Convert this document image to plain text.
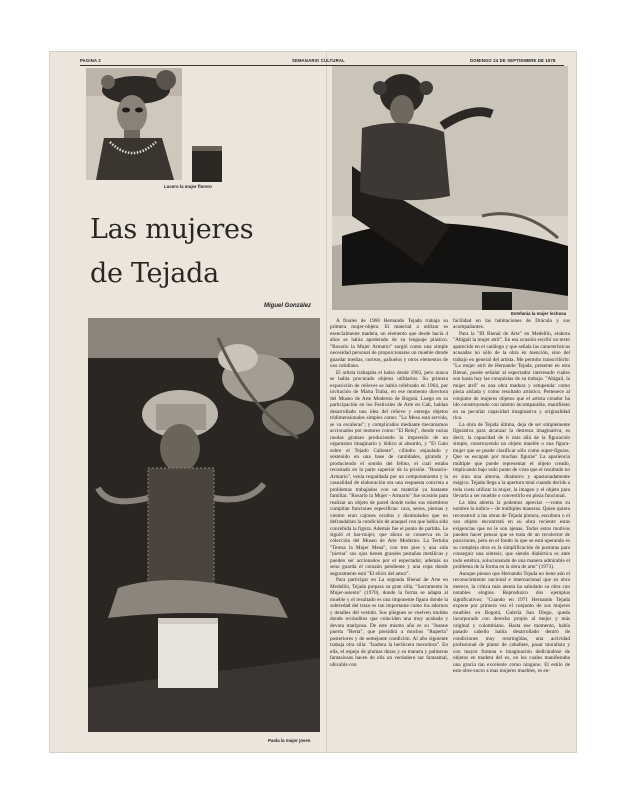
PAGINA 2	SEMANARIO CULTURAL	DOMINGO 24 DE SEPTIEMBRE DE 1978
Lucero la mujer florero
Las mujeres
de Tejada
Miguel González
Estefanía la mujer lechosa
Paola la mujer joven

A finales de 1968 Hernando Tejada trabaja su primera mujer-objeto. El material a utilizar es esencialmente madera, un elemento que desde hacía 4 años se había apoderado de su lenguaje plástico. "Rosario la Mujer Armario" surgió como una simple necesidad personal de proporcionarse un mueble donde guardar medias, correas, pañuelos y otros elementos de uso cotidiano.

El artista trabajaba el balso desde 1963, pero nunca se había procurado objetos utilitarios. Su primera exposición de relieves se había celebrado en 1964, por invitación de Marta Traba, en ese momento directora del Museo de Arte Moderno de Bogotá. Luego en su participación en los Festivales de Arte en Cali, habían desarrollado una idea del relieve y entrega objetos tridimensionales simples como: "La Mesa está servida, se va escaleras"; y complicados mediante mecanismos accionados por motores como: "El Reloj", donde varias ruedas giraban produciendo la impresión de un organismo imaginario y lúdico al absurdo, y "El Gato sobre el Tejado Caliente", cilindro enjaulado y sostenido en una base de cantidades, girando y produciendo el sonido del felino, el cual estaba recostado en la parte superior de la prisión. "Rosario-Armario", venía respaldada por un compotamiento y la casualidad de elaboración era una respuesta concreta a problemas trabajados con un material ya bastante familiar. "Rosario la Mujer - Armario" fue ocasión para realizar un objeto de pared donde todos sus miembros cumplían funciones específicas: cara, senos, piernas y vientre eran cajones ocultos y disimulados que no defraudaban la condición de anaquel con que había sido concebida la figura. Además fue el punto de partida. Le siguió el bar-mujer, que ahora se conserva en la colección del Museo de Arte Moderno. La Tertulia "Teresa la Mujer Mesa", con tres pies y una sola "pierna" sus ojos tienen grandes pestañas metálicas y pueden ser accionados por el espectador, además su seno guarda el corazón pendiente y una copa donde seguramente está "El elixir del amor".

Para participar en La segunda Bienal de Arte en Medellín, Tejada prepara su gran silla, "Sacramento la Mujer-asiento" (1970), donde la forma se adapta al mueble y el resultado es una imponente figura donde la sobriedad del trazo es tan importante como los adornos y detalles del vestido. Sus pliegues se vuelven moldes donde recónditos que coinciden una muy acabada y devota mariposa. De este mismo año es su "Jeanne puerta "Berta", que presidirá a muchos "Ruperta" posteriores y de semejante condición. Al año siguiente trabaja otra silla: "Isadora la hechicera mecedora". En ella, el espejo de plumas duras y su manera y palmeras fantasiosas hacen de ella un verdadero sur fantasmal, ubicable con

facilidad en las habitaciones de Drácula y sus acompañantes.

Para la "III Bienal de Arte" en Medellín, elabora "Abigail la mujer atril". En esa ocasión escribí un texto aparecido en el catálogo y que señala las características acusadas no sólo de la obra en mención, sino del trabajo en general del artista. Me permito transcribirlo: "La mujer atril de Hernando Tejada, presente en esta Bienal, puede señalar al espectador interesado cuáles son hasta hoy las conquistas de su trabajo. "Abigail, la mujer atril" es una obra madura y estupenda: como pieza aislada y como resultado artístico. Pertenece al conjunto de mujeres objetos que el artista creador ha ido construyendo con talento incomparable, manifiesto en su peculiar capacidad imaginativa y originalidad rica.

La obra de Tejada última, deja de ser simplemente figurativa para alcanzar la destreza imaginativa, es decir, la capacidad de ir más allá de la figuración simple, construyendo un objeto mueble o una figura-mujer que se puede clasificar sólo como super-figuras. Que se escapan por muchas figuras" La apariencia múltiple que puede representar el objeto creado, implicando bajo todo punto de vista que el resultado no es sino una alterna, dinámico y apasionadamente mágico. Tejada llega a la apertura total cuando decide a toda costa utilizar la mujer, la imagen y el objeto para llevarla a ser mueble o convertirlo en pieza funcional.

La idea abierta la podemos apreciar —como su nombre lo indica— de múltiples maneras. Quien quiera reconstruir a las obras de Tejada pintura, escultura o el uso objeto encontrará en su obra reciente estas exigencias que no le son ajenas. Todos estos motivos pueden hacer pensar que se trata de un recolector de posiciones, pero en el fondo lo que se está operando es su compleja obra es la simplificación de posturas para conseguir una síntesis, que siendo dialéctica es ante todo estética, solucionando de una manera admirable el problema de la forma en la obra de arte" (1973).

Aunque pienso que Hernando Tejada no tiene aún el reconocimiento nacional e internacional que su obra merece, la crítica más atenta ha saludado su obra con notables elogios. Reproduzco dos ejemplos significativos: "Cuando en 1971 Hernando Tejada expone por primera vez el conjunto de sus mujeres muebles en Bogotá, Galería San Diego, queda incorporado con derecho propio al mejor y más original y colombiano. Hasta ese momento, había pasado cabello había desarrollado dentro de condiciones muy restringidas, una actividad profesional de pintor de caballete, pasar muralista y con mayor fortuna e imaginación dedicándose de objetos en madera del ex, en los cuales manifestaba una gracia tan excelente como ninguno. El estilo de este obre-sucro a mas mujeres muebles, es en-
